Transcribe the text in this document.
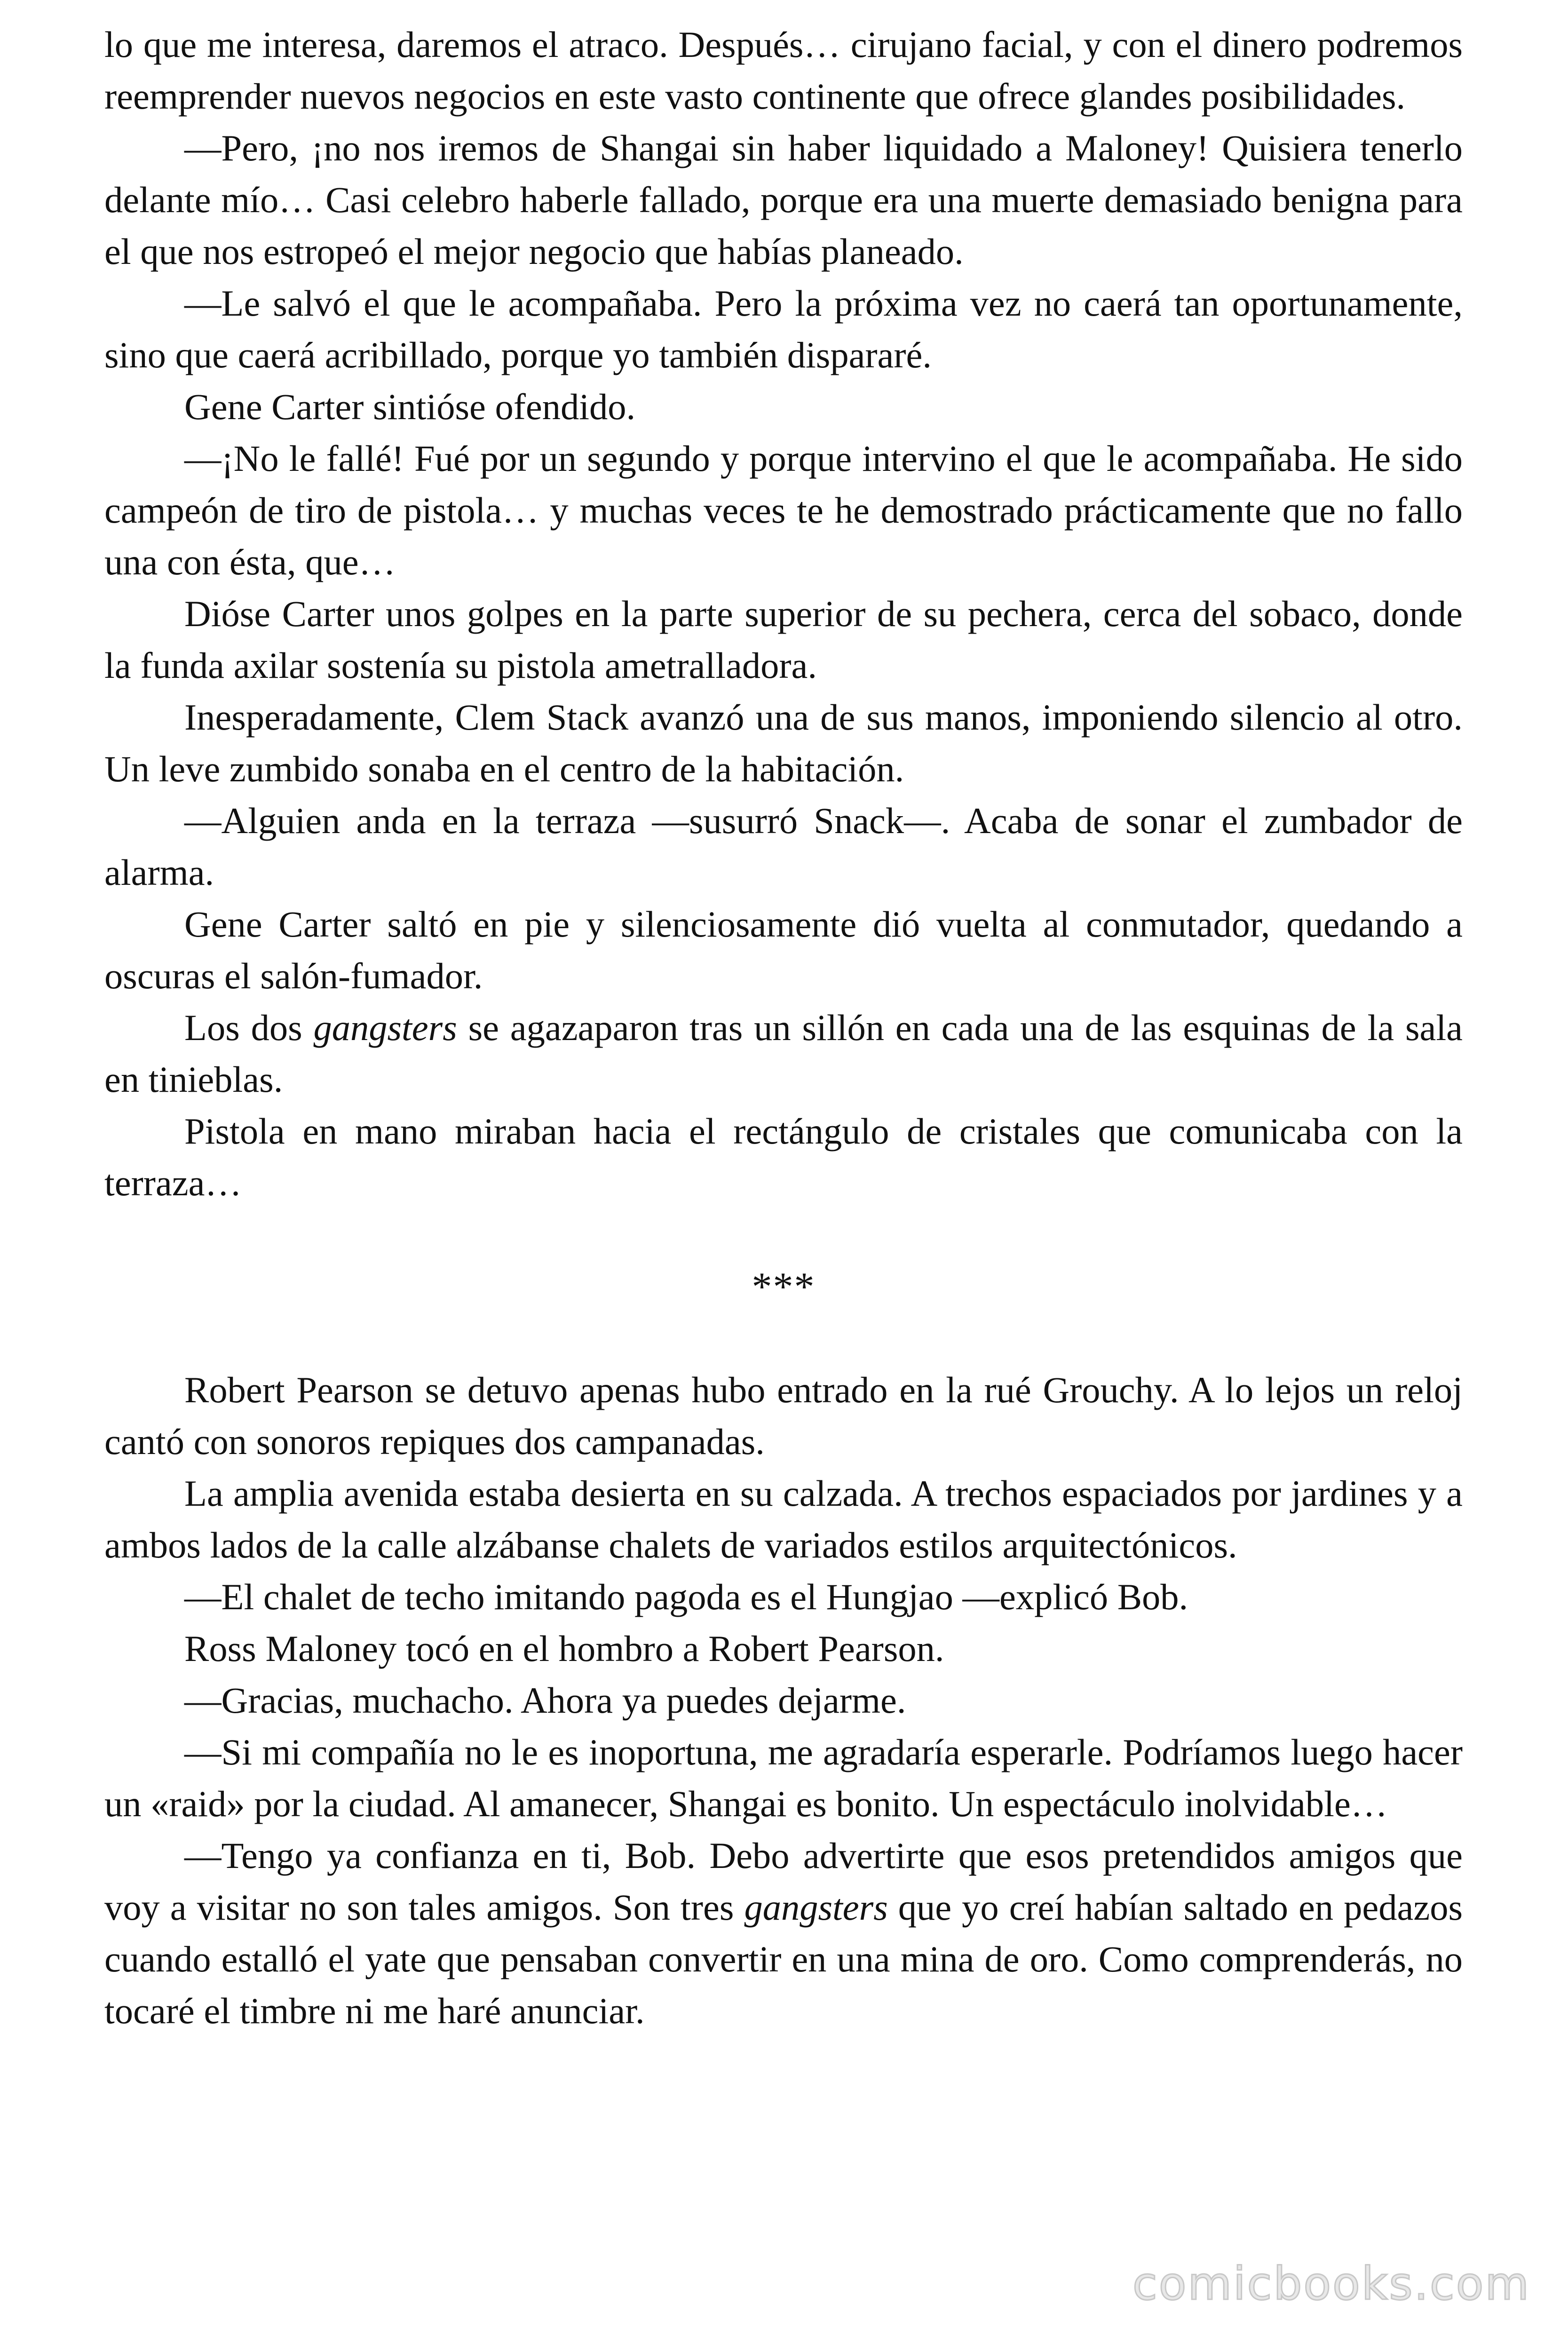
lo que me interesa, daremos el atraco. Después… cirujano facial, y con el dinero podremos reemprender nuevos negocios en este vasto continente que ofrece glandes posibilidades.

—Pero, ¡no nos iremos de Shangai sin haber liquidado a Maloney! Quisiera tenerlo delante mío… Casi celebro haberle fallado, porque era una muerte demasiado benigna para el que nos estropeó el mejor negocio que habías planeado.

—Le salvó el que le acompañaba. Pero la próxima vez no caerá tan oportunamente, sino que caerá acribillado, porque yo también dispararé.

Gene Carter sintióse ofendido.

—¡No le fallé! Fué por un segundo y porque intervino el que le acompañaba. He sido campeón de tiro de pistola… y muchas veces te he demostrado prácticamente que no fallo una con ésta, que…

Dióse Carter unos golpes en la parte superior de su pechera, cerca del sobaco, donde la funda axilar sostenía su pistola ametralladora.

Inesperadamente, Clem Stack avanzó una de sus manos, imponiendo silencio al otro. Un leve zumbido sonaba en el centro de la habitación.

—Alguien anda en la terraza —susurró Snack—. Acaba de sonar el zumbador de alarma.

Gene Carter saltó en pie y silenciosamente dió vuelta al conmutador, quedando a oscuras el salón-fumador.

Los dos gangsters se agazaparon tras un sillón en cada una de las esquinas de la sala en tinieblas.

Pistola en mano miraban hacia el rectángulo de cristales que comunicaba con la terraza…

***

Robert Pearson se detuvo apenas hubo entrado en la rué Grouchy. A lo lejos un reloj cantó con sonoros repiques dos campanadas.

La amplia avenida estaba desierta en su calzada. A trechos espaciados por jardines y a ambos lados de la calle alzábanse chalets de variados estilos arquitectónicos.

—El chalet de techo imitando pagoda es el Hungjao —explicó Bob.

Ross Maloney tocó en el hombro a Robert Pearson.

—Gracias, muchacho. Ahora ya puedes dejarme.

—Si mi compañía no le es inoportuna, me agradaría esperarle. Podríamos luego hacer un «raid» por la ciudad. Al amanecer, Shangai es bonito. Un espectáculo inolvidable…

—Tengo ya confianza en ti, Bob. Debo advertirte que esos pretendidos amigos que voy a visitar no son tales amigos. Son tres gangsters que yo creí habían saltado en pedazos cuando estalló el yate que pensaban convertir en una mina de oro. Como comprenderás, no tocaré el timbre ni me haré anunciar.

comicbooks.com
